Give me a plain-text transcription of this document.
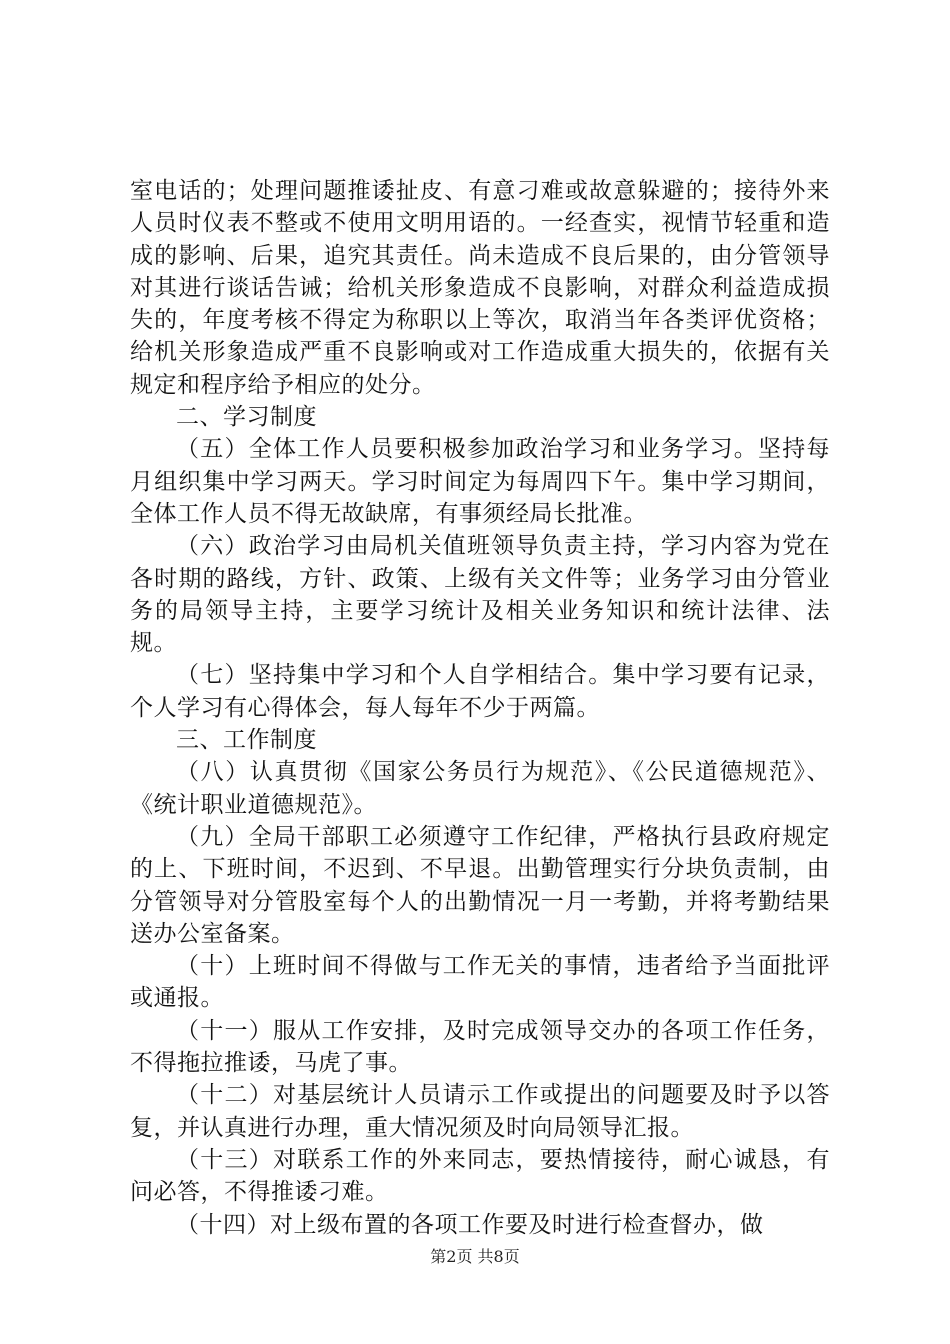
室电话的；处理问题推诿扯皮、有意刁难或故意躲避的；接待外来人员时仪表不整或不使用文明用语的。一经查实，视情节轻重和造成的影响、后果，追究其责任。尚未造成不良后果的，由分管领导对其进行谈话告诫；给机关形象造成不良影响，对群众利益造成损失的，年度考核不得定为称职以上等次，取消当年各类评优资格；给机关形象造成严重不良影响或对工作造成重大损失的，依据有关规定和程序给予相应的处分。

二、学习制度

（五）全体工作人员要积极参加政治学习和业务学习。坚持每月组织集中学习两天。学习时间定为每周四下午。集中学习期间，全体工作人员不得无故缺席，有事须经局长批准。

（六）政治学习由局机关值班领导负责主持，学习内容为党在各时期的路线，方针、政策、上级有关文件等；业务学习由分管业务的局领导主持，主要学习统计及相关业务知识和统计法律、法规。

（七）坚持集中学习和个人自学相结合。集中学习要有记录，个人学习有心得体会，每人每年不少于两篇。

三、工作制度

（八）认真贯彻《国家公务员行为规范》、《公民道德规范》、《统计职业道德规范》。

（九）全局干部职工必须遵守工作纪律，严格执行县政府规定的上、下班时间，不迟到、不早退。出勤管理实行分块负责制，由分管领导对分管股室每个人的出勤情况一月一考勤，并将考勤结果送办公室备案。

（十）上班时间不得做与工作无关的事情，违者给予当面批评或通报。

（十一）服从工作安排，及时完成领导交办的各项工作任务，不得拖拉推诿，马虎了事。

（十二）对基层统计人员请示工作或提出的问题要及时予以答复，并认真进行办理，重大情况须及时向局领导汇报。

（十三）对联系工作的外来同志，要热情接待，耐心诚恳，有问必答，不得推诿刁难。

（十四）对上级布置的各项工作要及时进行检查督办，做

第2页 共8页
